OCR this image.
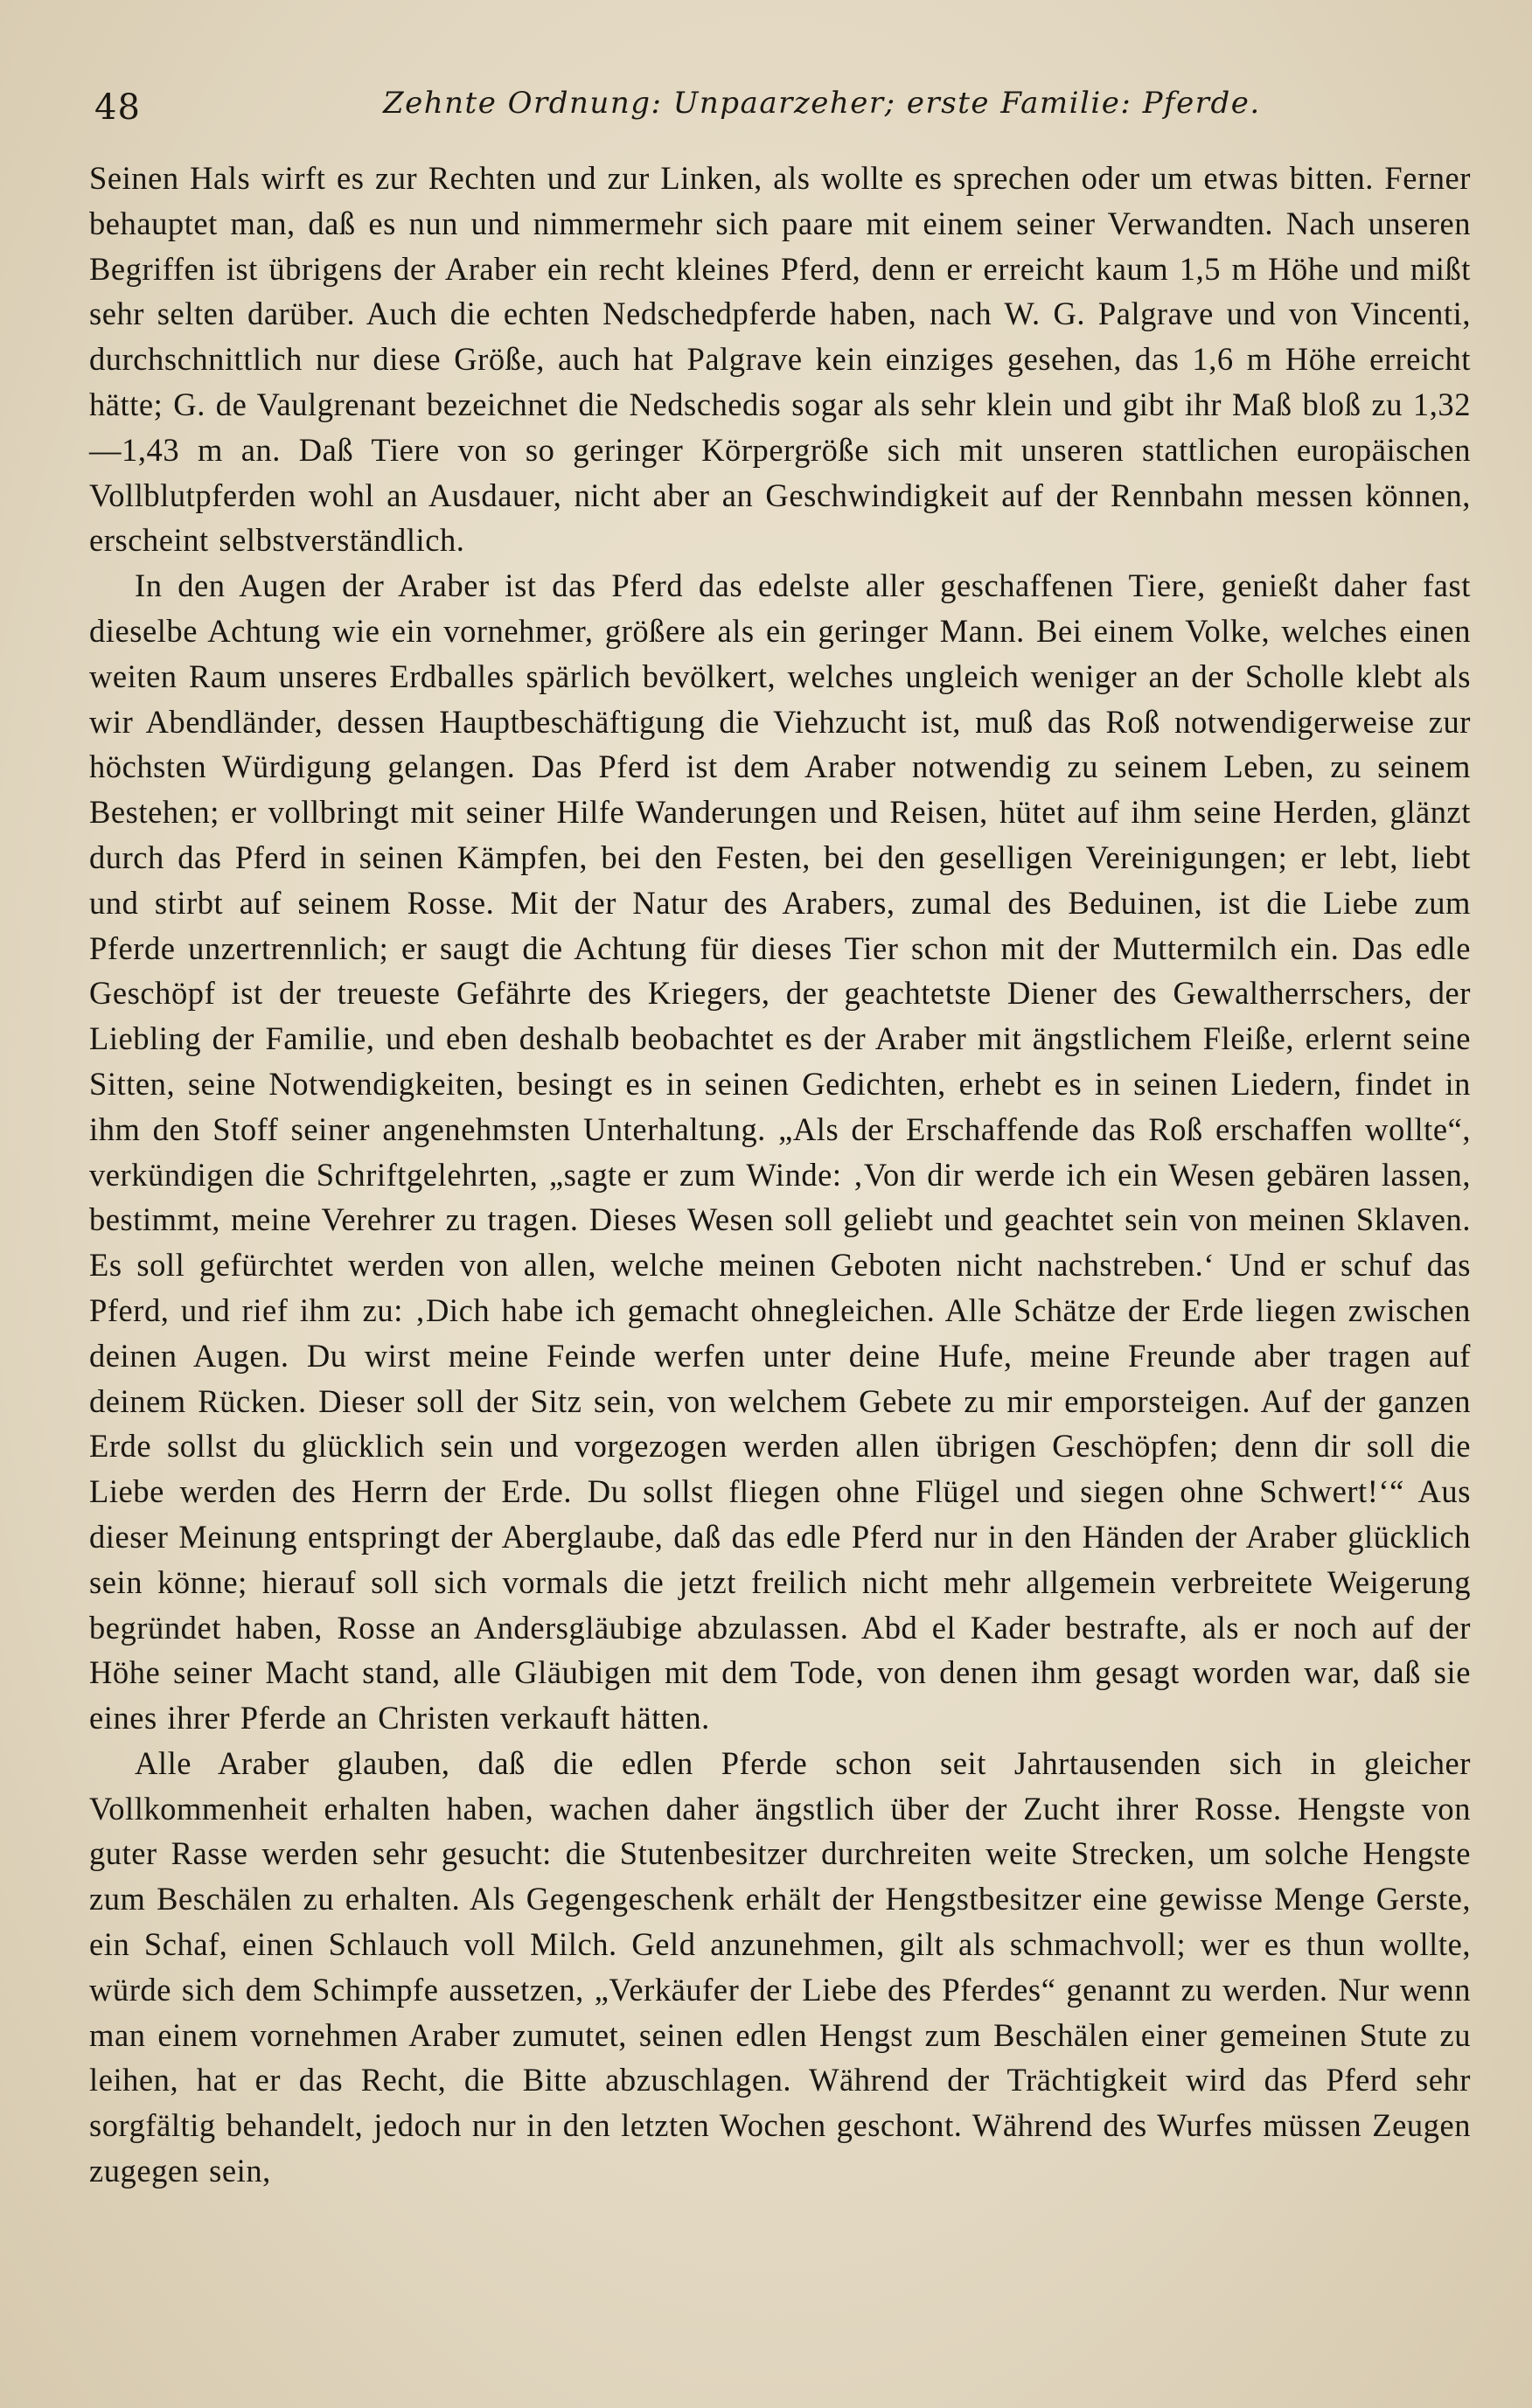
48	Zehnte Ordnung: Unpaarzeher; erste Familie: Pferde.

Seinen Hals wirft es zur Rechten und zur Linken, als wollte es sprechen oder um etwas bitten. Ferner behauptet man, daß es nun und nimmermehr sich paare mit einem seiner Verwandten. Nach unseren Begriffen ist übrigens der Araber ein recht kleines Pferd, denn er erreicht kaum 1,5 m Höhe und mißt sehr selten darüber. Auch die echten Nedschedpferde haben, nach W. G. Palgrave und von Vincenti, durchschnittlich nur diese Größe, auch hat Palgrave kein einziges gesehen, das 1,6 m Höhe erreicht hätte; G. de Vaulgrenant bezeichnet die Nedschedis sogar als sehr klein und gibt ihr Maß bloß zu 1,32—1,43 m an. Daß Tiere von so geringer Körpergröße sich mit unseren stattlichen europäischen Vollblutpferden wohl an Ausdauer, nicht aber an Geschwindigkeit auf der Rennbahn messen können, erscheint selbstverständlich.

In den Augen der Araber ist das Pferd das edelste aller geschaffenen Tiere, genießt daher fast dieselbe Achtung wie ein vornehmer, größere als ein geringer Mann. Bei einem Volke, welches einen weiten Raum unseres Erdballes spärlich bevölkert, welches ungleich weniger an der Scholle klebt als wir Abendländer, dessen Hauptbeschäftigung die Viehzucht ist, muß das Roß notwendigerweise zur höchsten Würdigung gelangen. Das Pferd ist dem Araber notwendig zu seinem Leben, zu seinem Bestehen; er vollbringt mit seiner Hilfe Wanderungen und Reisen, hütet auf ihm seine Herden, glänzt durch das Pferd in seinen Kämpfen, bei den Festen, bei den geselligen Vereinigungen; er lebt, liebt und stirbt auf seinem Rosse. Mit der Natur des Arabers, zumal des Beduinen, ist die Liebe zum Pferde unzertrennlich; er saugt die Achtung für dieses Tier schon mit der Muttermilch ein. Das edle Geschöpf ist der treueste Gefährte des Kriegers, der geachtetste Diener des Gewaltherrschers, der Liebling der Familie, und eben deshalb beobachtet es der Araber mit ängstlichem Fleiße, erlernt seine Sitten, seine Notwendigkeiten, besingt es in seinen Gedichten, erhebt es in seinen Liedern, findet in ihm den Stoff seiner angenehmsten Unterhaltung. „Als der Erschaffende das Roß erschaffen wollte“, verkündigen die Schriftgelehrten, „sagte er zum Winde: ‚Von dir werde ich ein Wesen gebären lassen, bestimmt, meine Verehrer zu tragen. Dieses Wesen soll geliebt und geachtet sein von meinen Sklaven. Es soll gefürchtet werden von allen, welche meinen Geboten nicht nachstreben.‘ Und er schuf das Pferd, und rief ihm zu: ‚Dich habe ich gemacht ohnegleichen. Alle Schätze der Erde liegen zwischen deinen Augen. Du wirst meine Feinde werfen unter deine Hufe, meine Freunde aber tragen auf deinem Rücken. Dieser soll der Sitz sein, von welchem Gebete zu mir emporsteigen. Auf der ganzen Erde sollst du glücklich sein und vorgezogen werden allen übrigen Geschöpfen; denn dir soll die Liebe werden des Herrn der Erde. Du sollst fliegen ohne Flügel und siegen ohne Schwert!‘“ Aus dieser Meinung entspringt der Aberglaube, daß das edle Pferd nur in den Händen der Araber glücklich sein könne; hierauf soll sich vormals die jetzt freilich nicht mehr allgemein verbreitete Weigerung begründet haben, Rosse an Andersgläubige abzulassen. Abd el Kader bestrafte, als er noch auf der Höhe seiner Macht stand, alle Gläubigen mit dem Tode, von denen ihm gesagt worden war, daß sie eines ihrer Pferde an Christen verkauft hätten.

Alle Araber glauben, daß die edlen Pferde schon seit Jahrtausenden sich in gleicher Vollkommenheit erhalten haben, wachen daher ängstlich über der Zucht ihrer Rosse. Hengste von guter Rasse werden sehr gesucht: die Stutenbesitzer durchreiten weite Strecken, um solche Hengste zum Beschälen zu erhalten. Als Gegengeschenk erhält der Hengstbesitzer eine gewisse Menge Gerste, ein Schaf, einen Schlauch voll Milch. Geld anzunehmen, gilt als schmachvoll; wer es thun wollte, würde sich dem Schimpfe aussetzen, „Verkäufer der Liebe des Pferdes“ genannt zu werden. Nur wenn man einem vornehmen Araber zumutet, seinen edlen Hengst zum Beschälen einer gemeinen Stute zu leihen, hat er das Recht, die Bitte abzuschlagen. Während der Trächtigkeit wird das Pferd sehr sorgfältig behandelt, jedoch nur in den letzten Wochen geschont. Während des Wurfes müssen Zeugen zugegen sein,
